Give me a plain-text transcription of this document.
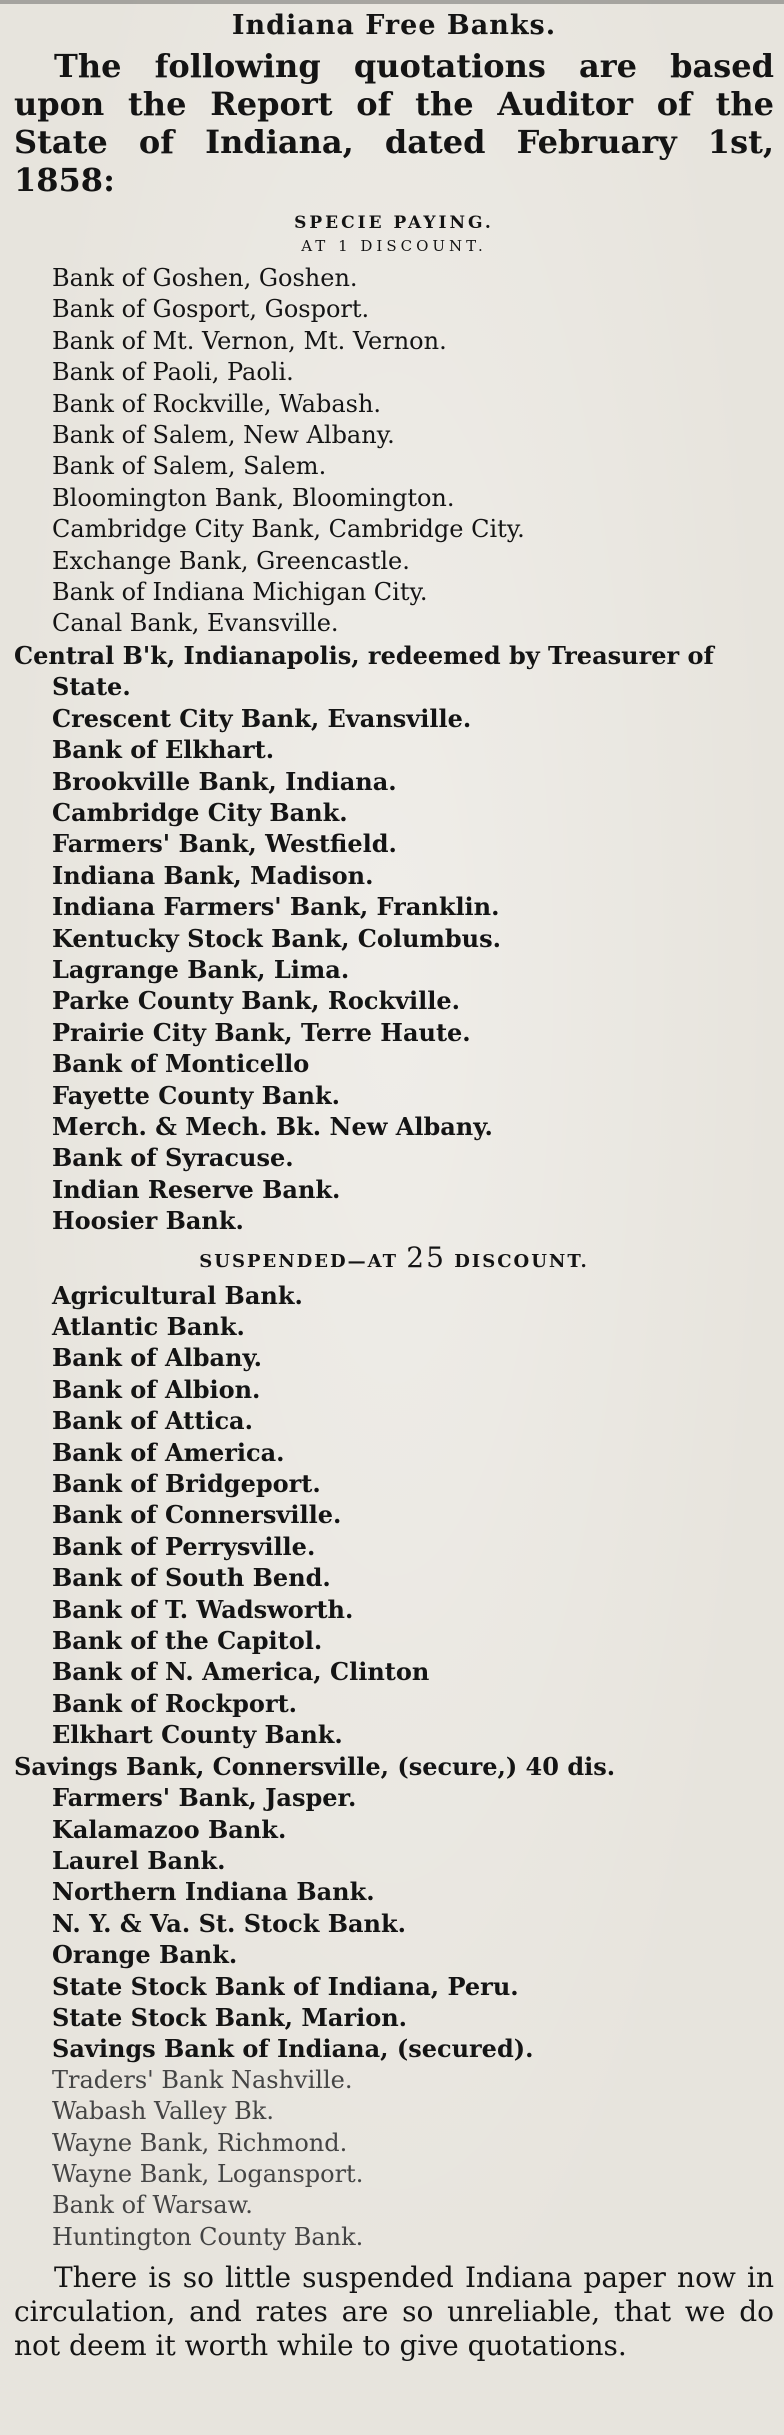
Indiana Free Banks.

The following quotations are based upon the Report of the Auditor of the State of Indiana, dated February 1st, 1858:

SPECIE PAYING.
AT 1 DISCOUNT.
Bank of Goshen, Goshen.
Bank of Gosport, Gosport.
Bank of Mt. Vernon, Mt. Vernon.
Bank of Paoli, Paoli.
Bank of Rockville, Wabash.
Bank of Salem, New Albany.
Bank of Salem, Salem.
Bloomington Bank, Bloomington.
Cambridge City Bank, Cambridge City.
Exchange Bank, Greencastle.
Bank of Indiana Michigan City.
Canal Bank, Evansville.
Central B'k, Indianapolis, redeemed by Treasurer of State.
Crescent City Bank, Evansville.
Bank of Elkhart.
Brookville Bank, Indiana.
Cambridge City Bank.
Farmers' Bank, Westfield.
Indiana Bank, Madison.
Indiana Farmers' Bank, Franklin.
Kentucky Stock Bank, Columbus.
Lagrange Bank, Lima.
Parke County Bank, Rockville.
Prairie City Bank, Terre Haute.
Bank of Monticello
Fayette County Bank.
Merch. & Mech. Bk. New Albany.
Bank of Syracuse.
Indian Reserve Bank.
Hoosier Bank.
SUSPENDED—AT 25 DISCOUNT.
Agricultural Bank.
Atlantic Bank.
Bank of Albany.
Bank of Albion.
Bank of Attica.
Bank of America.
Bank of Bridgeport.
Bank of Connersville.
Bank of Perrysville.
Bank of South Bend.
Bank of T. Wadsworth.
Bank of the Capitol.
Bank of N. America, Clinton
Bank of Rockport.
Elkhart County Bank.
Savings Bank, Connersville, (secure,) 40 dis.
Farmers' Bank, Jasper.
Kalamazoo Bank.
Laurel Bank.
Northern Indiana Bank.
N. Y. & Va. St. Stock Bank.
Orange Bank.
State Stock Bank of Indiana, Peru.
State Stock Bank, Marion.
Savings Bank of Indiana, (secured).
Traders' Bank Nashville.
Wabash Valley Bk.
Wayne Bank, Richmond.
Wayne Bank, Logansport.
Bank of Warsaw.
Huntington County Bank.

There is so little suspended Indiana paper now in circulation, and rates are so unreliable, that we do not deem it worth while to give quotations.
